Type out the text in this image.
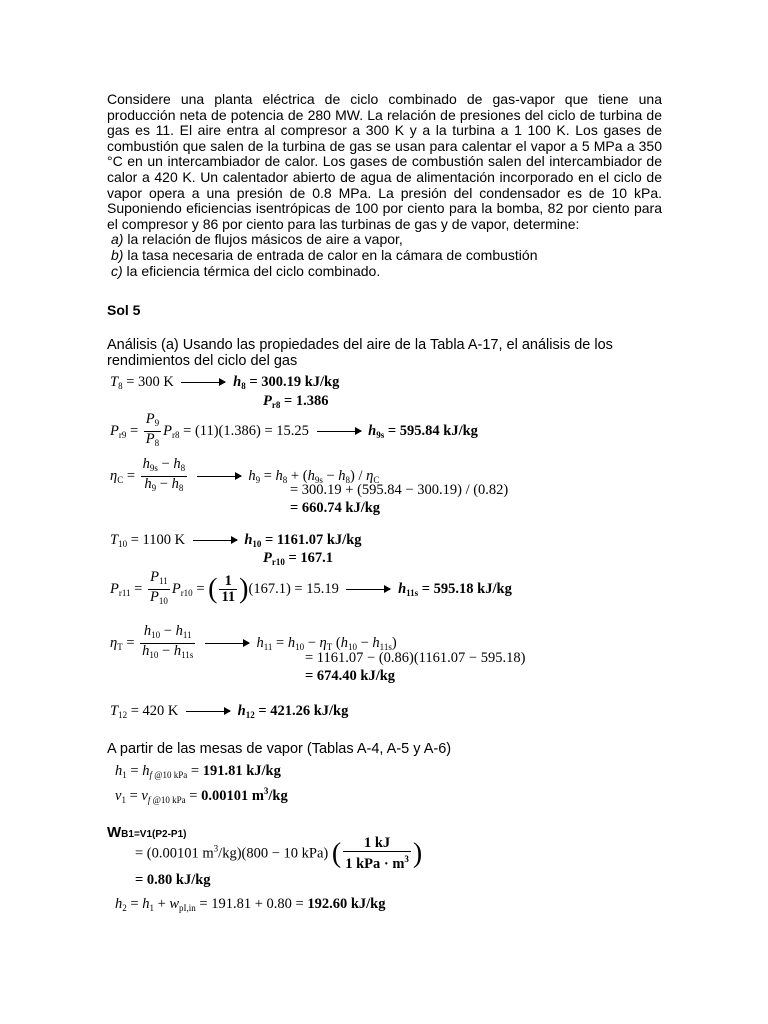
Considere una planta eléctrica de ciclo combinado de gas-vapor que tiene una producción neta de potencia de 280 MW. La relación de presiones del ciclo de turbina de gas es 11. El aire entra al compresor a 300 K y a la turbina a 1 100 K. Los gases de combustión que salen de la turbina de gas se usan para calentar el vapor a 5 MPa a 350 °C en un intercambiador de calor. Los gases de combustión salen del intercambiador de calor a 420 K. Un calentador abierto de agua de alimentación incorporado en el ciclo de vapor opera a una presión de 0.8 MPa. La presión del condensador es de 10 kPa. Suponiendo eficiencias isentrópicas de 100 por ciento para la bomba, 82 por ciento para el compresor y 86 por ciento para las turbinas de gas y de vapor, determine:

a) la relación de flujos másicos de aire a vapor,

b) la tasa necesaria de entrada de calor en la cámara de combustión

c) la eficiencia térmica del ciclo combinado.

Sol 5
Análisis (a) Usando las propiedades del aire de la Tabla A-17, el análisis de los rendimientos del ciclo del gas
$T_8 = 300$ K	$h_8 = 300.19$ kJ/kg
$P_{r8} = 1.386$
$P_{r9} = \frac{P_9}{P_8} P_{r8} = (11)(1.386) = 15.25$	$h_{9s} = 595.84$ kJ/kg
$\eta_C = \frac{h_{9s} - h_8}{h_9 - h_8}$	$h_9 = h_8 + (h_{9s} - h_8) / \eta_C$
= 300.19 + (595.84 − 300.19) / (0.82)
= 660.74 kJ/kg
$T_{10} = 1100$ K	$h_{10} = 1161.07$ kJ/kg
$P_{r10} = 167.1$
$P_{r11} = \frac{P_{11}}{P_{10}} P_{r10}$ = ( $\frac{1}{11} )(167.1) = 15.19$	$h_{11s} = 595.18$ kJ/kg
$\eta_T = \frac{h_{10} - h_{11}}{h_{10} - h_{11s}}$	$h_{11} = h_{10} - \eta_T$ $(h_{10} - h_{11s})$
= 1161.07 − (0.86)(1161.07 − 595.18)
= 674.40 kJ/kg
$T_{12} = 420$ K	$h_{12} = 421.26$ kJ/kg
A partir de las mesas de vapor (Tablas A-4, A-5 y A-6)
$h_1 = h_{f @10 kPa} = 191.81$ kJ/kg
$v_1 = v_{f @10 kPa} = 0.00101$ $m^3/kg$
WB1=V1(P2-P1)
= (0.00101 $m^3/kg)(800 - 10$ kPa) ( $\frac{1 kJ}{1 kPa \cdot m^3}$ )
= 0.80 kJ/kg
$h_2 = h_1 + w_{pI,in} = 191.81 + 0.80 = 192.60$ kJ/kg
